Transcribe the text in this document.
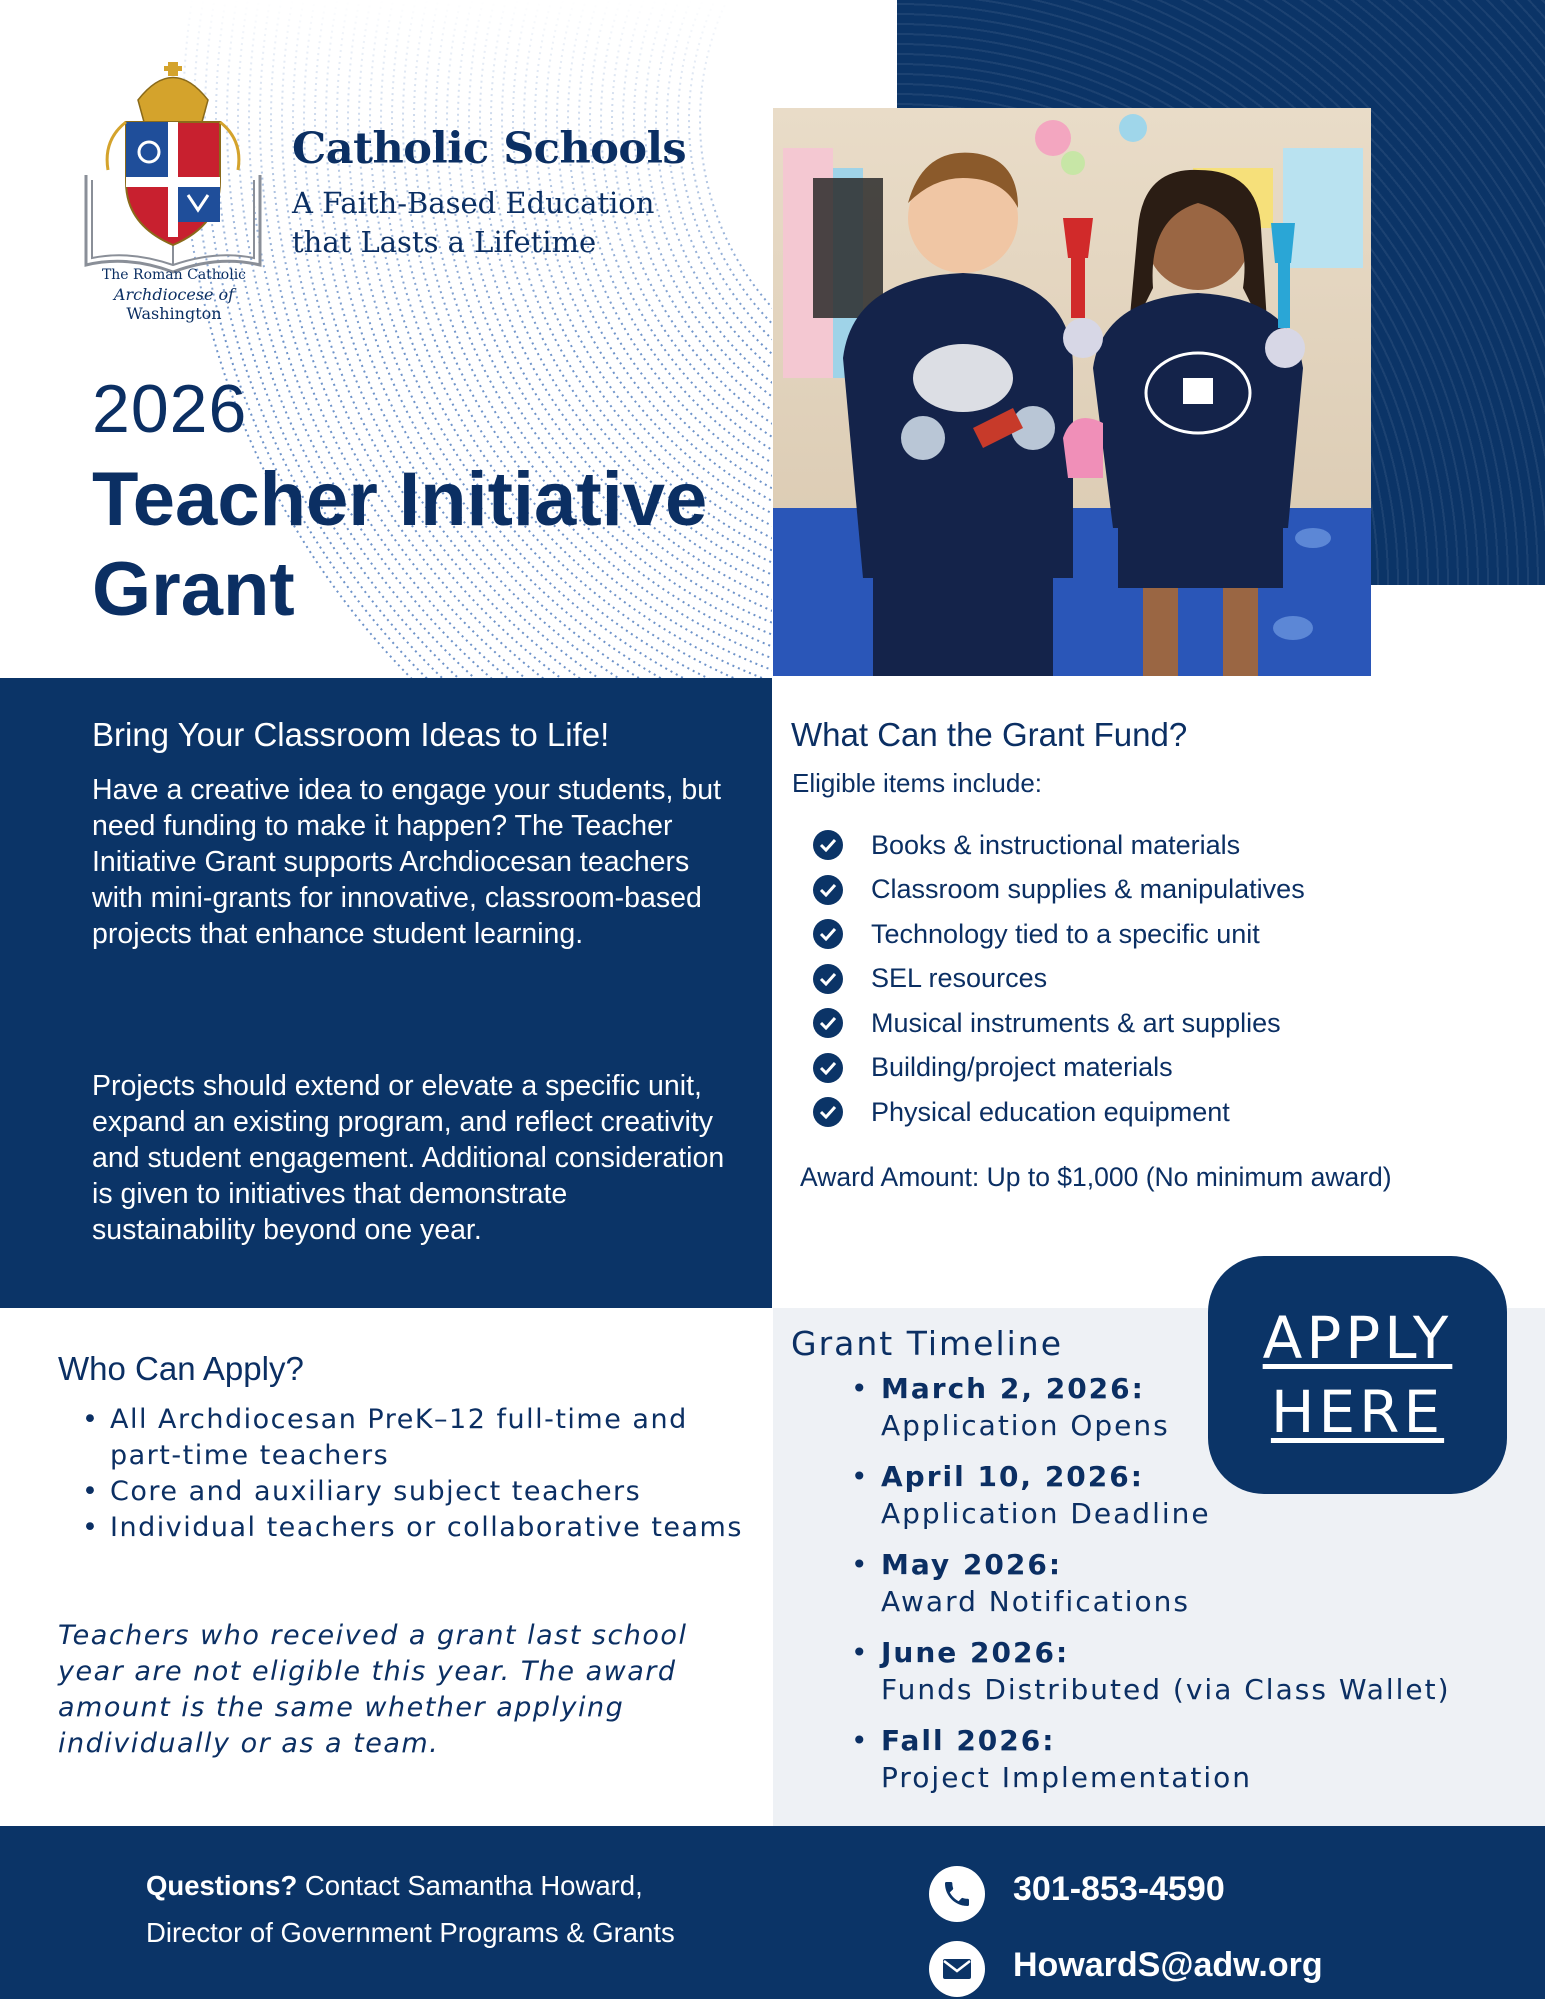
The Roman Catholic
Archdiocese of
Washington
Catholic Schools
A Faith-Based Education that Lasts a Lifetime
2026
Teacher Initiative Grant
Bring Your Classroom Ideas to Life!
Have a creative idea to engage your students, but need funding to make it happen? The Teacher Initiative Grant supports Archdiocesan teachers with mini-grants for innovative, classroom-based projects that enhance student learning.
Projects should extend or elevate a specific unit, expand an existing program, and reflect creativity and student engagement. Additional consideration is given to initiatives that demonstrate sustainability beyond one year.
What Can the Grant Fund?
Eligible items include:
Books & instructional materials
Classroom supplies & manipulatives
Technology tied to a specific unit
SEL resources
Musical instruments & art supplies
Building/project materials
Physical education equipment
Award Amount: Up to $1,000 (No minimum award)
Who Can Apply?
• All Archdiocesan PreK–12 full-time and part-time teachers
• Core and auxiliary subject teachers
• Individual teachers or collaborative teams
Teachers who received a grant last school year are not eligible this year. The award amount is the same whether applying individually or as a team.
Grant Timeline
• March 2, 2026:
Application Opens
• April 10, 2026:
Application Deadline
• May 2026:
Award Notifications
• June 2026:
Funds Distributed (via Class Wallet)
• Fall 2026:
Project Implementation
APPLY
HERE
Questions? Contact Samantha Howard,
Director of Government Programs & Grants
301-853-4590
HowardS@adw.org
